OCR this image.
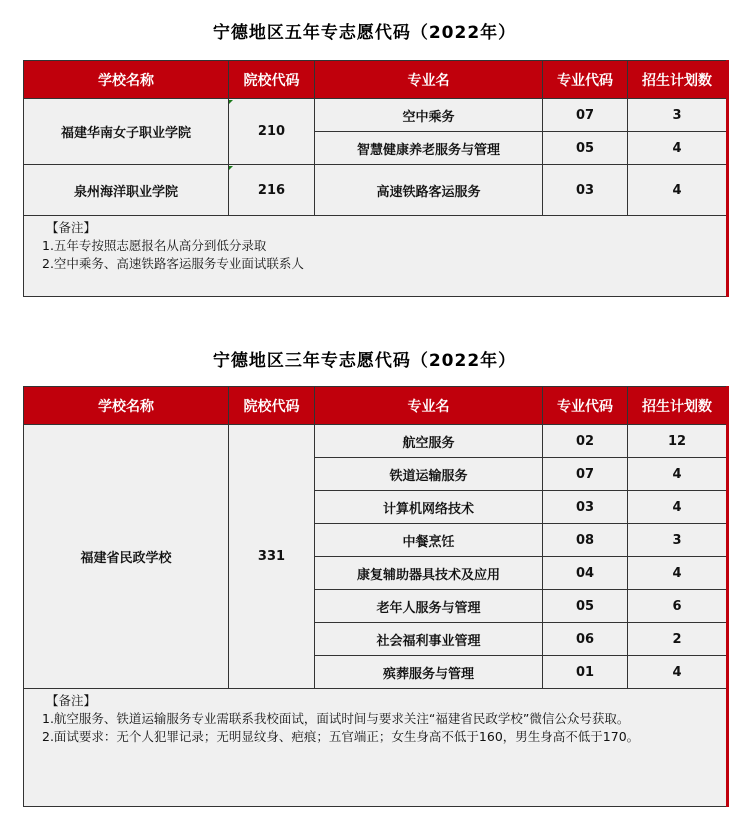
宁德地区五年专志愿代码（2022年）
学校名称	院校代码	专业名	专业代码	招生计划数
福建华南女子职业学院	210	空中乘务	07	3
		智慧健康养老服务与管理	05	4
泉州海洋职业学院	216	高速铁路客运服务	03	4

【备注】
1.五年专按照志愿报名从高分到低分录取
2.空中乘务、高速铁路客运服务专业面试联系人				
宁德地区三年专志愿代码（2022年）
学校名称	院校代码	专业名	专业代码	招生计划数
福建省民政学校	331	航空服务	02	12
		铁道运输服务	07	4
		计算机网络技术	03	4
		中餐烹饪	08	3
		康复辅助器具技术及应用	04	4
		老年人服务与管理	05	6
		社会福利事业管理	06	2
		殡葬服务与管理	01	4

【备注】
1.航空服务、铁道运输服务专业需联系我校面试，面试时间与要求关注“福建省民政学校”微信公众号获取。
2.面试要求：无个人犯罪记录；无明显纹身、疤痕；五官端正；女生身高不低于160，男生身高不低于170。				
